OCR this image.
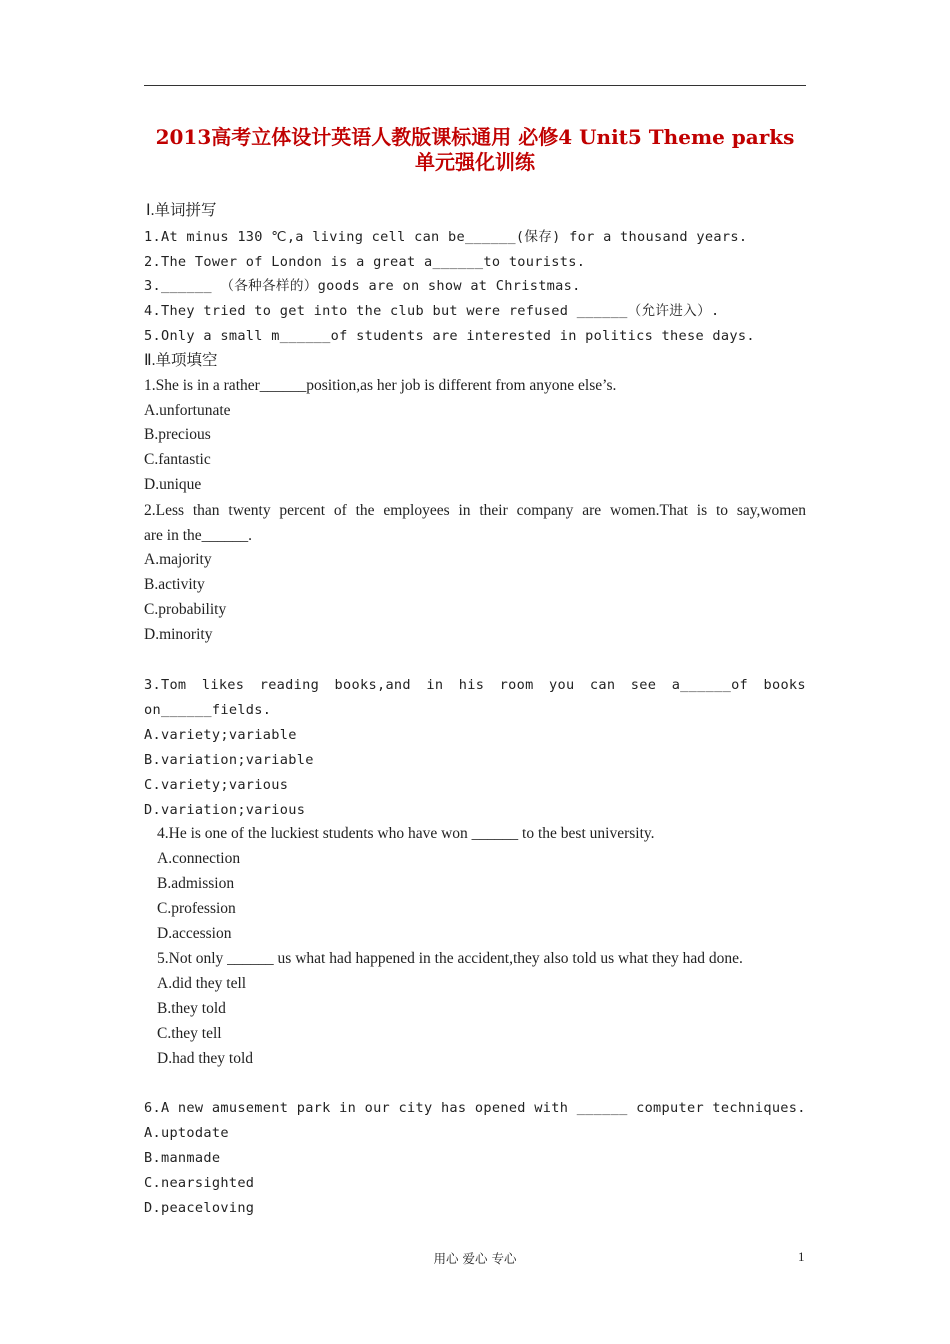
2013高考立体设计英语人教版课标通用 必修4 Unit5 Theme parks
单元强化训练
Ⅰ.单词拼写
1.At minus 130 ℃,a living cell can be______(保存) for a thousand years.
2.The Tower of London is a great a______to tourists.
3.______ （各种各样的）goods are on show at Christmas.
4.They tried to get into the club but were refused ______（允许进入）.
5.Only a small m______of students are interested in politics these days.
Ⅱ.单项填空
1.She is in a rather______position,as her job is different from anyone else’s.
A.unfortunate
B.precious
C.fantastic
D.unique
2.Less than twenty percent of the employees in their company are women.That is to say,women
are in the______.
A.majority
B.activity
C.probability
D.minority
3.Tom likes reading books,and in his room you can see a______of books
on______fields.
A.variety;variable
B.variation;variable
C.variety;various
D.variation;various
4.He is one of the luckiest students who have won ______ to the best university.
A.connection
B.admission
C.profession
D.accession
5.Not only ______ us what had happened in the accident,they also told us what they had done.
A.did they tell
B.they told
C.they tell
D.had they told
6.A new amusement park in our city has opened with ______ computer techniques.
A.uptodate
B.manmade
C.nearsighted
D.peaceloving
用心 爱心 专心	1
